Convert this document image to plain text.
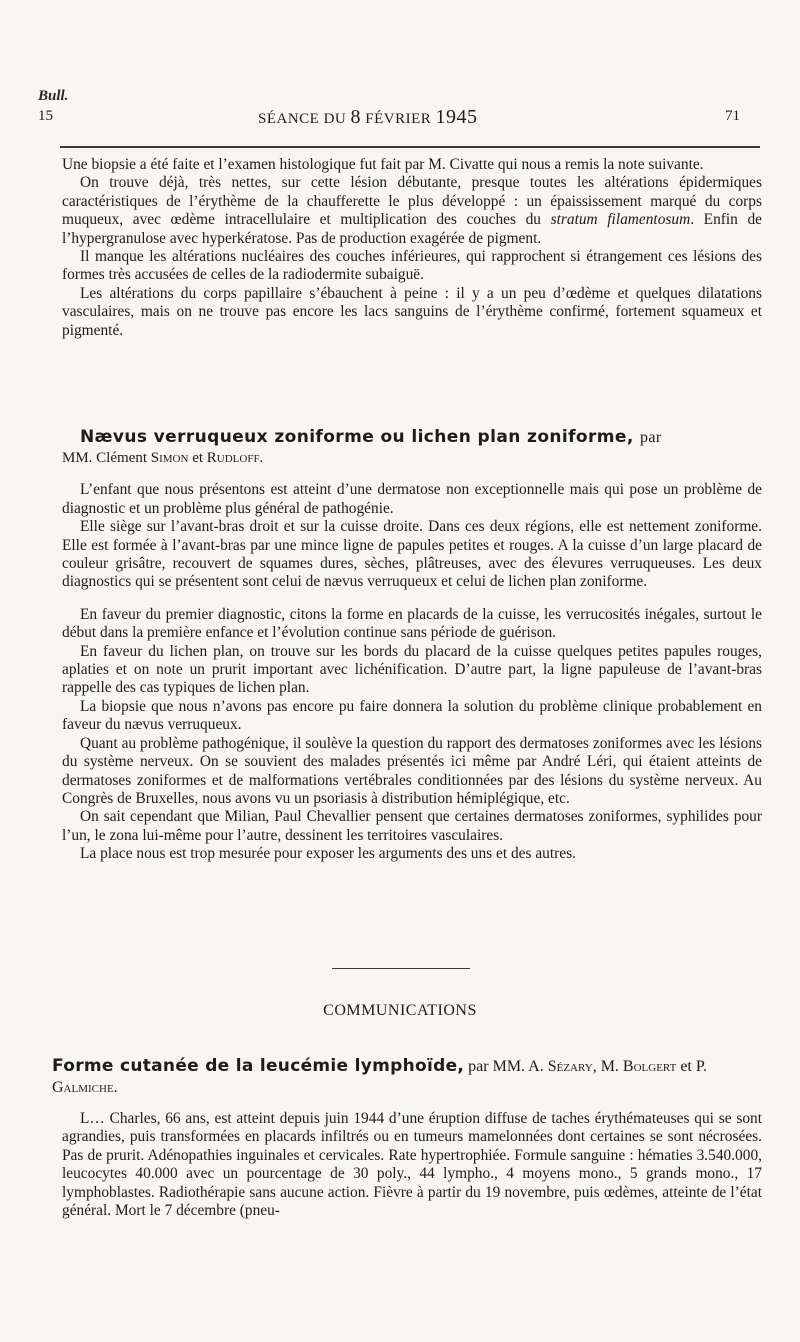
Bull.
15	SÉANCE DU 8 FÉVRIER 1945	71

Une biopsie a été faite et l’examen histologique fut fait par M. Civatte qui nous a remis la note suivante.

On trouve déjà, très nettes, sur cette lésion débutante, presque toutes les altérations épidermiques caractéristiques de l’érythème de la chaufferette le plus développé : un épaississement marqué du corps muqueux, avec œdème intracellulaire et multiplication des couches du stratum filamentosum. Enfin de l’hypergranulose avec hyperkératose. Pas de production exagérée de pigment.

Il manque les altérations nucléaires des couches inférieures, qui rapprochent si étrangement ces lésions des formes très accusées de celles de la radiodermite subaiguë.

Les altérations du corps papillaire s’ébauchent à peine : il y a un peu d’œdème et quelques dilatations vasculaires, mais on ne trouve pas encore les lacs sanguins de l’érythème confirmé, fortement squameux et pigmenté.

Nævus verruqueux zoniforme ou lichen plan zoniforme, par

MM. Clément Simon et Rudloff.

L’enfant que nous présentons est atteint d’une dermatose non exceptionnelle mais qui pose un problème de diagnostic et un problème plus général de pathogénie.

Elle siège sur l’avant-bras droit et sur la cuisse droite. Dans ces deux régions, elle est nettement zoniforme. Elle est formée à l’avant-bras par une mince ligne de papules petites et rouges. A la cuisse d’un large placard de couleur grisâtre, recouvert de squames dures, sèches, plâtreuses, avec des élevures verruqueuses. Les deux diagnostics qui se présentent sont celui de nævus verruqueux et celui de lichen plan zoniforme.

En faveur du premier diagnostic, citons la forme en placards de la cuisse, les verrucosités inégales, surtout le début dans la première enfance et l’évolution continue sans période de guérison.

En faveur du lichen plan, on trouve sur les bords du placard de la cuisse quelques petites papules rouges, aplaties et on note un prurit important avec lichénification. D’autre part, la ligne papuleuse de l’avant-bras rappelle des cas typiques de lichen plan.

La biopsie que nous n’avons pas encore pu faire donnera la solution du problème clinique probablement en faveur du nævus verruqueux.

Quant au problème pathogénique, il soulève la question du rapport des dermatoses zoniformes avec les lésions du système nerveux. On se souvient des malades présentés ici même par André Léri, qui étaient atteints de dermatoses zoniformes et de malformations vertébrales conditionnées par des lésions du système nerveux. Au Congrès de Bruxelles, nous avons vu un psoriasis à distribution hémiplégique, etc.

On sait cependant que Milian, Paul Chevallier pensent que certaines dermatoses zoniformes, syphilides pour l’un, le zona lui-même pour l’autre, dessinent les territoires vasculaires.

La place nous est trop mesurée pour exposer les arguments des uns et des autres.

COMMUNICATIONS
Forme cutanée de la leucémie lymphoïde, par MM. A. Sézary, M. Bolgert et P. Galmiche.

L… Charles, 66 ans, est atteint depuis juin 1944 d’une éruption diffuse de taches érythémateuses qui se sont agrandies, puis transformées en placards infiltrés ou en tumeurs mamelonnées dont certaines se sont nécrosées. Pas de prurit. Adénopathies inguinales et cervicales. Rate hypertrophiée. Formule sanguine : hématies 3.540.000, leucocytes 40.000 avec un pourcentage de 30 poly., 44 lympho., 4 moyens mono., 5 grands mono., 17 lymphoblastes. Radiothérapie sans aucune action. Fièvre à partir du 19 novembre, puis œdèmes, atteinte de l’état général. Mort le 7 décembre (pneu-
